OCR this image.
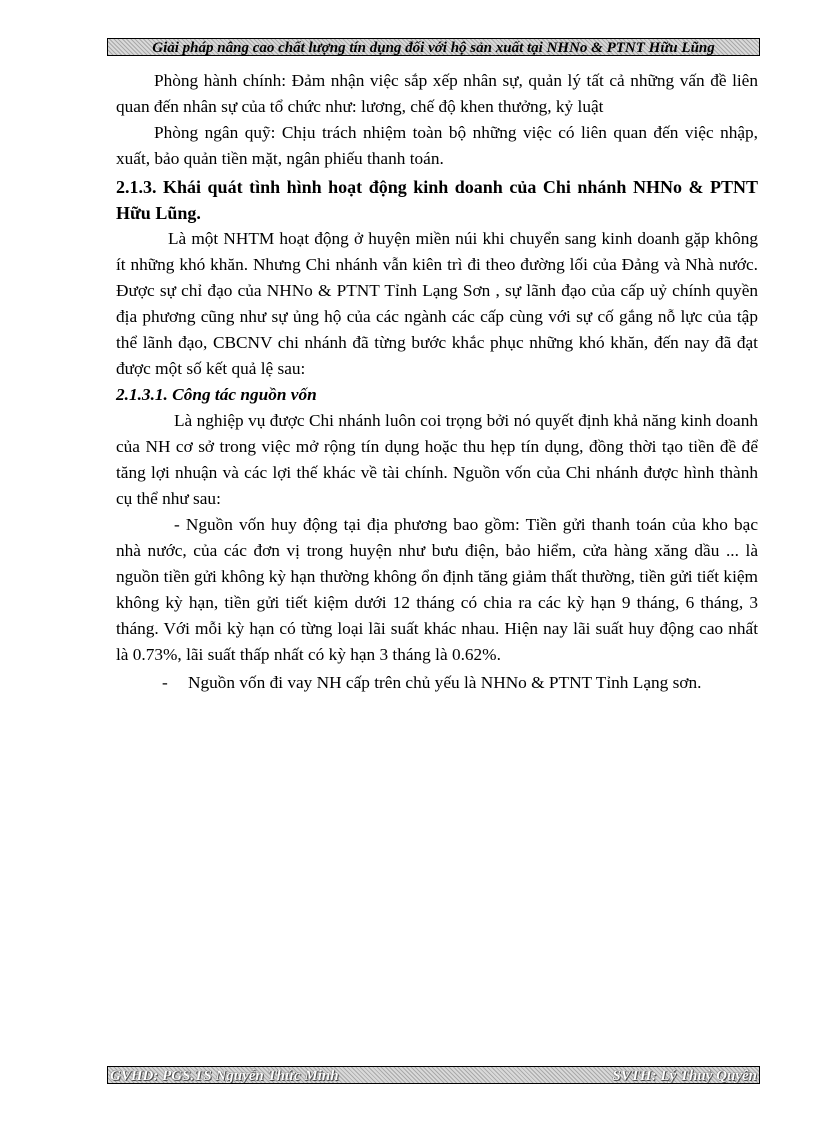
Giải pháp nâng cao chất lượng tín dụng đối với hộ sản xuất tại NHNo & PTNT Hữu Lũng

Phòng hành chính: Đảm nhận việc sắp xếp nhân sự, quản lý tất cả những vấn đề liên quan đến nhân sự của tổ chức như: lương, chế độ khen thưởng, kỷ luật

Phòng ngân quỹ: Chịu trách nhiệm toàn bộ những việc có liên quan đến việc nhập, xuất, bảo quản tiền mặt, ngân phiếu thanh toán.

2.1.3. Khái quát tình hình hoạt động kinh doanh của Chi nhánh NHNo & PTNT Hữu Lũng.

Là một NHTM hoạt động ở huyện miền núi khi chuyển sang kinh doanh gặp không ít những khó khăn. Nhưng Chi nhánh vẫn kiên trì đi theo đường lối của Đảng và Nhà nước. Được sự chỉ đạo của NHNo & PTNT Tỉnh Lạng Sơn , sự lãnh đạo của cấp uỷ chính quyền địa phương cũng như sự ủng hộ của các ngành các cấp cùng với sự cố gắng nỗ lực của tập thể lãnh đạo, CBCNV chi nhánh đã từng bước khắc phục những khó khăn, đến nay đã đạt được một số kết quả lệ sau:

2.1.3.1. Công tác nguồn vốn

Là nghiệp vụ được Chi nhánh luôn coi trọng bởi nó quyết định khả năng kinh doanh của NH cơ sở trong việc mở rộng tín dụng hoặc thu hẹp tín dụng, đồng thời tạo tiền đề để tăng lợi nhuận và các lợi thế khác về tài chính. Nguồn vốn của Chi nhánh được hình thành cụ thể như sau:

- Nguồn vốn huy động tại địa phương bao gồm: Tiền gửi thanh toán của kho bạc nhà nước, của các đơn vị trong huyện như bưu điện, bảo hiểm, cửa hàng xăng dầu ... là nguồn tiền gửi không kỳ hạn thường không ổn định tăng giảm thất thường, tiền gửi tiết kiệm không kỳ hạn, tiền gửi tiết kiệm dưới 12 tháng có chia ra các kỳ hạn 9 tháng, 6 tháng, 3 tháng. Với mỗi kỳ hạn có từng loại lãi suất khác nhau. Hiện nay lãi suất huy động cao nhất là 0.73%, lãi suất thấp nhất có kỳ hạn 3 tháng là 0.62%.

-	Nguồn vốn đi vay NH cấp trên chủ yếu là NHNo & PTNT Tỉnh Lạng sơn.

GVHD: PGS.TS Nguyễn Thức Minh	SVTH: Lý Thuỳ Quyên
